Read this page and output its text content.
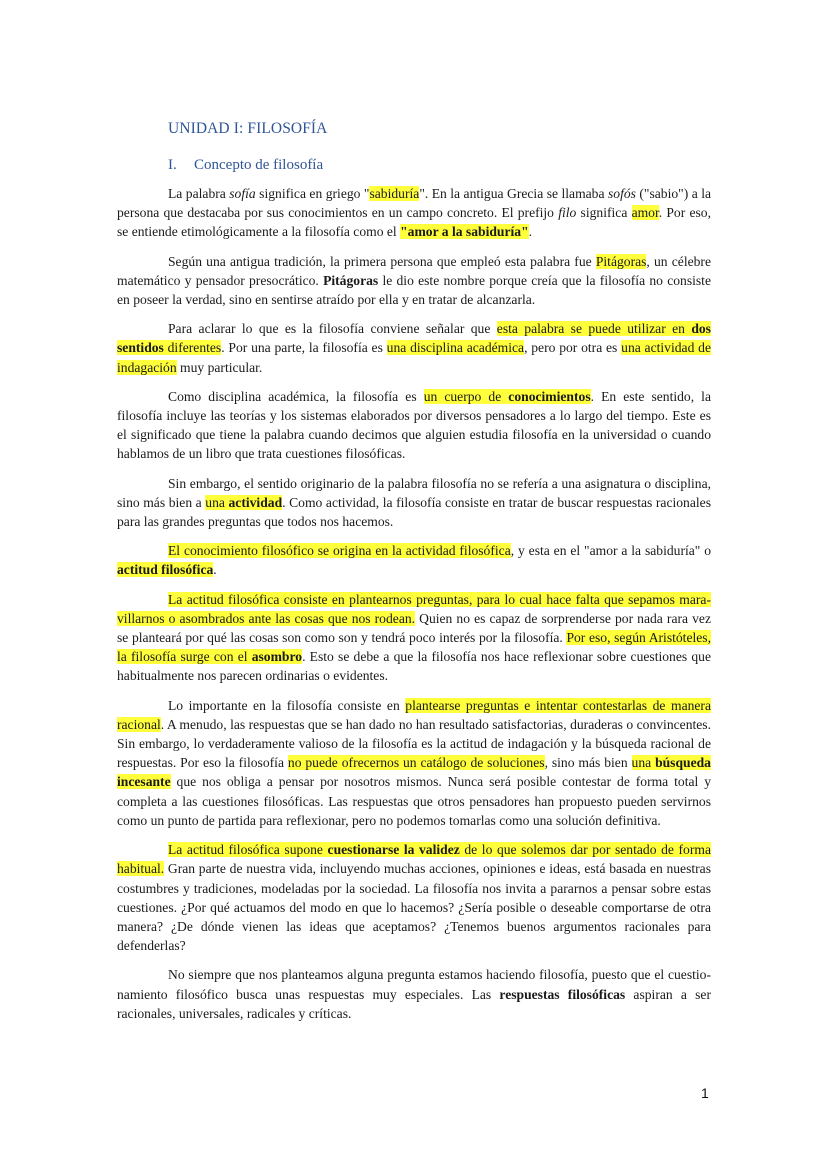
UNIDAD I: FILOSOFÍA
I. Concepto de filosofía

La palabra sofía significa en griego "sabiduría". En la antigua Grecia se llamaba sofós ("sabio") a la persona que destacaba por sus conocimientos en un campo concreto. El prefijo filo significa amor. Por eso, se entiende etimológicamente a la filosofía como el "amor a la sabiduría".

Según una antigua tradición, la primera persona que empleó esta palabra fue Pitágoras, un célebre matemático y pensador presocrático. Pitágoras le dio este nombre porque creía que la filosofía no consiste en poseer la verdad, sino en sentirse atraído por ella y en tratar de alcanzarla.

Para aclarar lo que es la filosofía conviene señalar que esta palabra se puede utilizar en dos sentidos diferentes. Por una parte, la filosofía es una disciplina académica, pero por otra es una actividad de indagación muy particular.

Como disciplina académica, la filosofía es un cuerpo de conocimientos. En este sentido, la filosofía incluye las teorías y los sistemas elaborados por diversos pensadores a lo largo del tiempo. Este es el significado que tiene la palabra cuando decimos que alguien estudia filosofía en la universidad o cuando hablamos de un libro que trata cuestiones filosóficas.

Sin embargo, el sentido originario de la palabra filosofía no se refería a una asignatura o disciplina, sino más bien a una actividad. Como actividad, la filosofía consiste en tratar de buscar respuestas racionales para las grandes preguntas que todos nos hacemos.

El conocimiento filosófico se origina en la actividad filosófica, y esta en el "amor a la sabiduría" o actitud filosófica.

La actitud filosófica consiste en plantearnos preguntas, para lo cual hace falta que sepamos maravillarnos o asombrados ante las cosas que nos rodean. Quien no es capaz de sorprenderse por nada rara vez se planteará por qué las cosas son como son y tendrá poco interés por la filosofía. Por eso, según Aristóteles, la filosofía surge con el asombro. Esto se debe a que la filosofía nos hace reflexionar sobre cuestiones que habitualmente nos parecen ordinarias o evidentes.

Lo importante en la filosofía consiste en plantearse preguntas e intentar contestarlas de manera racional. A menudo, las respuestas que se han dado no han resultado satisfactorias, duraderas o convincentes. Sin embargo, lo verdaderamente valioso de la filosofía es la actitud de indagación y la búsqueda racional de respuestas. Por eso la filosofía no puede ofrecernos un catálogo de soluciones, sino más bien una búsqueda incesante que nos obliga a pensar por nosotros mismos. Nunca será posible contestar de forma total y completa a las cuestiones filosóficas. Las respuestas que otros pensadores han propuesto pueden servirnos como un punto de partida para reflexionar, pero no podemos tomarlas como una solución definitiva.

La actitud filosófica supone cuestionarse la validez de lo que solemos dar por sentado de forma habitual. Gran parte de nuestra vida, incluyendo muchas acciones, opiniones e ideas, está basada en nuestras costumbres y tradiciones, modeladas por la sociedad. La filosofía nos invita a pararnos a pensar sobre estas cuestiones. ¿Por qué actuamos del modo en que lo hacemos? ¿Sería posible o deseable comportarse de otra manera? ¿De dónde vienen las ideas que aceptamos? ¿Tenemos buenos argumentos racionales para defenderlas?

No siempre que nos planteamos alguna pregunta estamos haciendo filosofía, puesto que el cuestionamiento filosófico busca unas respuestas muy especiales. Las respuestas filosóficas aspiran a ser racionales, universales, radicales y críticas.

1
